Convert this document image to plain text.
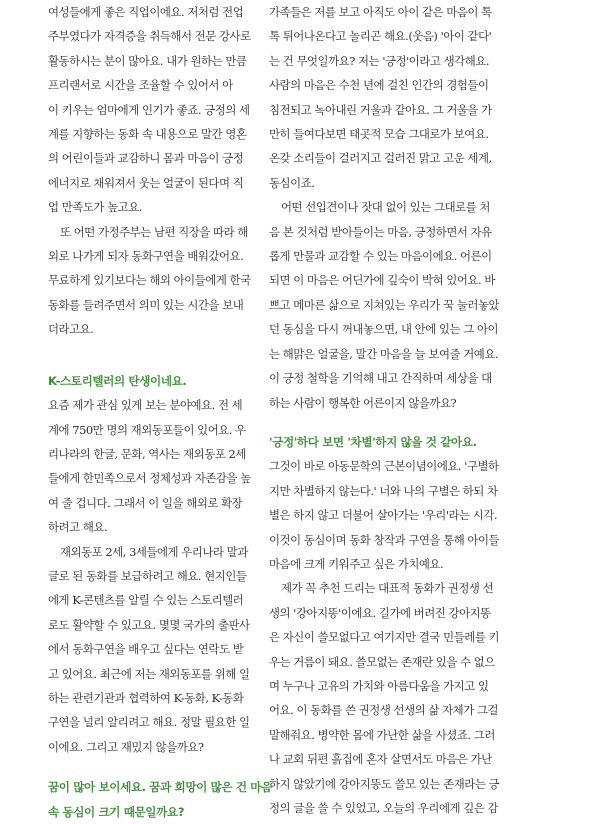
여성들에게 좋은 직업이에요. 저처럼 전업
주부였다가 자격증을 취득해서 전문 강사로
활동하시는 분이 많아요. 내가 원하는 만큼
프리랜서로 시간을 조율할 수 있어서 아
이 키우는 엄마에게 인기가 좋죠. 긍정의 세
계를 지향하는 동화 속 내용으로 말간 영혼
의 어린이들과 교감하니 몸과 마음이 긍정
에너지로 채워져서 웃는 얼굴이 된다며 직
업 만족도가 높고요.

또 어떤 가정주부는 남편 직장을 따라 해
외로 나가게 되자 동화구연을 배워갔어요.
무료하게 있기보다는 해외 아이들에게 한국
동화를 들려주면서 의미 있는 시간을 보내
더라고요.

K-스토리텔러의 탄생이네요.

요즘 제가 관심 있게 보는 분야예요. 전 세
계에 750만 명의 재외동포들이 있어요. 우
리나라의 한글, 문화, 역사는 재외동포 2세
들에게 한민족으로서 정체성과 자존감을 높
여 줄 겁니다. 그래서 이 일을 해외로 확장
하려고 해요.

재외동포 2세, 3세들에게 우리나라 말과
글로 된 동화를 보급하려고 해요. 현지인들
에게 K-콘텐츠를 알릴 수 있는 스토리텔러
로도 활약할 수 있고요. 몇몇 국가의 출판사
에서 동화구연을 배우고 싶다는 연락도 받
고 있어요. 최근에 저는 재외동포를 위해 일
하는 관련기관과 협력하여 K-동화, K-동화
구연을 널리 알리려고 해요. 정말 필요한 일
이에요. 그리고 재밌지 않을까요?

꿈이 많아 보이세요. 꿈과 희망이 많은 건 마음
속 동심이 크기 때문일까요?

가족들은 저를 보고 아직도 아이 같은 마음이 톡
톡 튀어나온다고 놀리곤 해요.(웃음) '아이 같다'
는 건 무엇일까요? 저는 '긍정'이라고 생각해요.
사람의 마음은 수천 년에 걸친 인간의 경험들이
침전되고 녹아내린 거울과 같아요. 그 거울을 가
만히 들여다보면 태곳적 모습 그대로가 보여요.
온갖 소리들이 걸러지고 걸러진 맑고 고운 세계,
동심이죠.

어떤 선입견이나 잣대 없이 있는 그대로를 처
음 본 것처럼 받아들이는 마음, 긍정하면서 자유
롭게 만물과 교감할 수 있는 마음이에요. 어른이
되면 이 마음은 어딘가에 깊숙이 박혀 있어요. 바
쁘고 메마른 삶으로 지쳐있는 우리가 꾹 눌러놓았
던 동심을 다시 꺼내놓으면, 내 안에 있는 그 아이
는 해맑은 얼굴을, 말간 마음을 늘 보여줄 거예요.
이 긍정 철학을 기억해 내고 간직하며 세상을 대
하는 사람이 행복한 어른이지 않을까요?

'긍정'하다 보면 '차별'하지 않을 것 같아요.

그것이 바로 아동문학의 근본이념이에요. '구별하
지만 차별하지 않는다.' 너와 나의 구별은 하되 차
별은 하지 않고 더불어 살아가는 '우리'라는 시각.
이것이 동심이며 동화 창작과 구연을 통해 아이들
마음에 크게 키워주고 싶은 가치예요.

제가 꼭 추천 드리는 대표적 동화가 권정생 선
생의 '강아지똥'이에요. 길가에 버려진 강아지똥
은 자신이 쓸모없다고 여기지만 결국 민들레를 키
우는 거름이 돼요. 쓸모없는 존재란 있을 수 없으
며 누구나 고유의 가치와 아름다움을 가지고 있
어요. 이 동화를 쓴 권정생 선생의 삶 자체가 그걸
말해줘요. 병약한 몸에 가난한 삶을 사셨죠. 그러
나 교회 뒤편 흙집에 혼자 살면서도 마음은 가난
하지 않았기에 강아지똥도 쓸모 있는 존재라는 긍
정의 글을 쓸 수 있었고, 오늘의 우리에게 깊은 감
